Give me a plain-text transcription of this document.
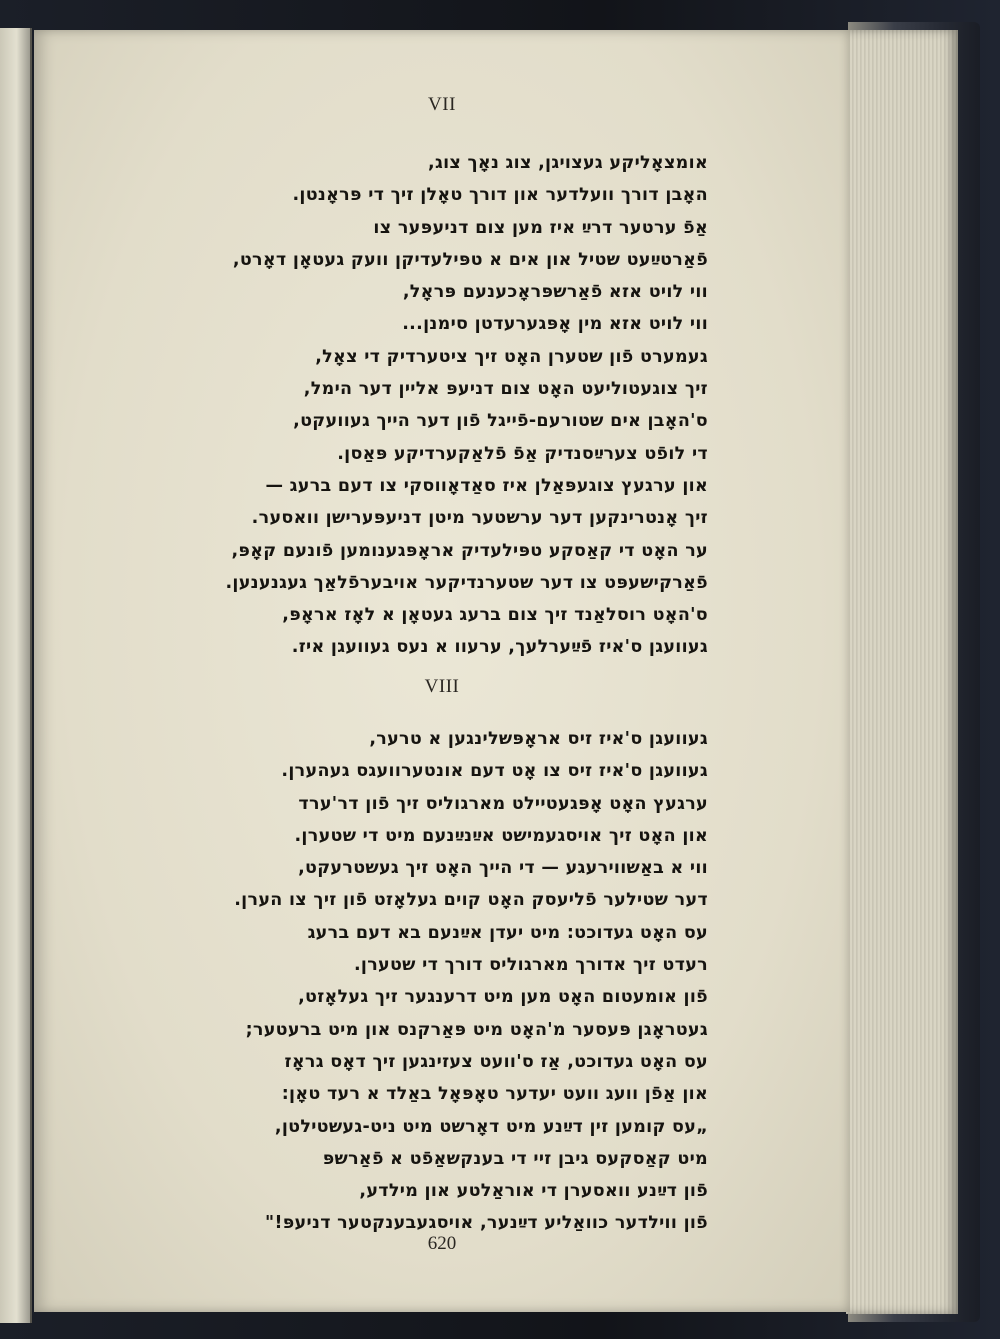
VII
אומצאָליקע געצויגן, צוג נאָך צוג,
האָבן דורך וועלדער און דורך טאָלן זיך די פּראָנטן.
אַפֿ ערטער דרײַ איז מען צום דניעפּער צו
פֿאַרטײַעט שטיל און אים א טפּילעדיקן וועק געטאָן דאָרט,
ווי לויט אזא פֿאַרשפּראָכענעם פּראָל,
ווי לויט אזא מין אָפּגערעדטן סימנן...
געמערט פֿון שטערן האָט זיך ציטערדיק די צאָל,
זיך צוגעטוליעט האָט צום דניעפּ אליין דער הימל,
ס'האָבן אים שטורעם-פֿייגל פֿון דער הייך געוועקט,
די לופֿט צערײַסנדיק אַפֿ פֿלאַקערדיקע פּאַסן.
און ערגעץ צוגעפּאַלן איז סאַדאָווסקי צו דעם ברעג —
זיך אָנטרינקען דער ערשטער מיטן דניעפּערישן וואסער.
ער האָט די קאַסקע טפּילעדיק אראָפּגענומען פֿונעם קאָפּ,
פֿאַרקישעפּט צו דער שטערנדיקער אויבערפֿלאַך געגנענען.
ס'האָט רוסלאַנד זיך צום ברעג געטאָן א לאָז אראָפּ,
געוועגן ס'איז פֿײַערלעך, ערעוו א נעס געוועגן איז.
VIII
געוועגן ס'איז זיס אראָפּשלינגען א טרער,
געוועגן ס'איז זיס צו אָט דעם אונטערוועגס געהערן.
ערגעץ האָט אָפּגעטיילט מארגוליס זיך פֿון דר'ערד
און האָט זיך אויסגעמישט אײַנײַנעם מיט די שטערן.
ווי א באַשווירעגע — די הייך האָט זיך געשטרעקט,
דער שטילער פֿליעסק האָט קוים געלאָזט פֿון זיך צו הערן.
עס האָט געדוכט: מיט יעדן אײַנעם בא דעם ברעג
רעדט זיך אדורך מארגוליס דורך די שטערן.
פֿון אומעטום האָט מען מיט דרענגער זיך געלאָזט,
געטראָגן פּעסער מ'האָט מיט פּאַרקנס און מיט ברעטער;
עס האָט געדוכט, אַז ס'וועט צעזינגען זיך דאָס גראָז
און אַפֿן וועג וועט יעדער טאָפּאָל באַלד א רעד טאָן:
„עס קומען זין דײַנע מיט דאָרשט מיט ניט-געשטילטן,
מיט קאַסקעס גיבן זיי די בענקשאַפֿט א פֿאַרשפּ
פֿון דײַנע וואסערן די אוראַלטע און מילדע,
פֿון ווילדער כוואַליע דײַנער, אויסגעבענקטער דניעפּ!"
620
